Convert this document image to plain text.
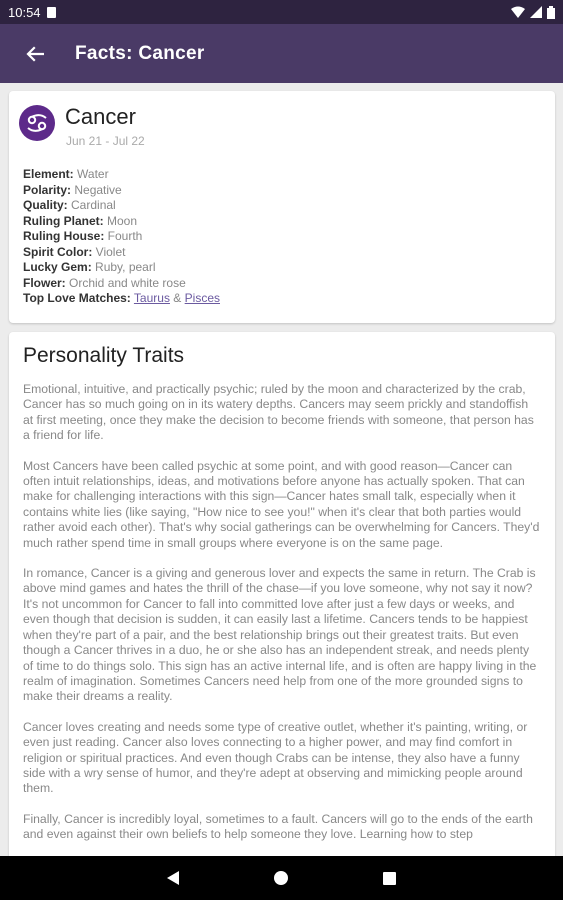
10:54
Facts: Cancer
Cancer
Jun 21 - Jul 22
Element: Water
Polarity: Negative
Quality: Cardinal
Ruling Planet: Moon
Ruling House: Fourth
Spirit Color: Violet
Lucky Gem: Ruby, pearl
Flower: Orchid and white rose
Top Love Matches: Taurus & Pisces
Personality Traits

Emotional, intuitive, and practically psychic; ruled by the moon and characterized by the crab, Cancer has so much going on in its watery depths. Cancers may seem prickly and standoffish at first meeting, once they make the decision to become friends with someone, that person has a friend for life.

Most Cancers have been called psychic at some point, and with good reason—Cancer can often intuit relationships, ideas, and motivations before anyone has actually spoken. That can make for challenging interactions with this sign—Cancer hates small talk, especially when it contains white lies (like saying, "How nice to see you!" when it's clear that both parties would rather avoid each other). That's why social gatherings can be overwhelming for Cancers. They'd much rather spend time in small groups where everyone is on the same page.

In romance, Cancer is a giving and generous lover and expects the same in return. The Crab is above mind games and hates the thrill of the chase—if you love someone, why not say it now? It's not uncommon for Cancer to fall into committed love after just a few days or weeks, and even though that decision is sudden, it can easily last a lifetime. Cancers tends to be happiest when they're part of a pair, and the best relationship brings out their greatest traits. But even though a Cancer thrives in a duo, he or she also has an independent streak, and needs plenty of time to do things solo. This sign has an active internal life, and is often are happy living in the realm of imagination. Sometimes Cancers need help from one of the more grounded signs to make their dreams a reality.

Cancer loves creating and needs some type of creative outlet, whether it's painting, writing, or even just reading. Cancer also loves connecting to a higher power, and may find comfort in religion or spiritual practices. And even though Crabs can be intense, they also have a funny side with a wry sense of humor, and they're adept at observing and mimicking people around them.

Finally, Cancer is incredibly loyal, sometimes to a fault. Cancers will go to the ends of the earth and even against their own beliefs to help someone they love. Learning how to step
